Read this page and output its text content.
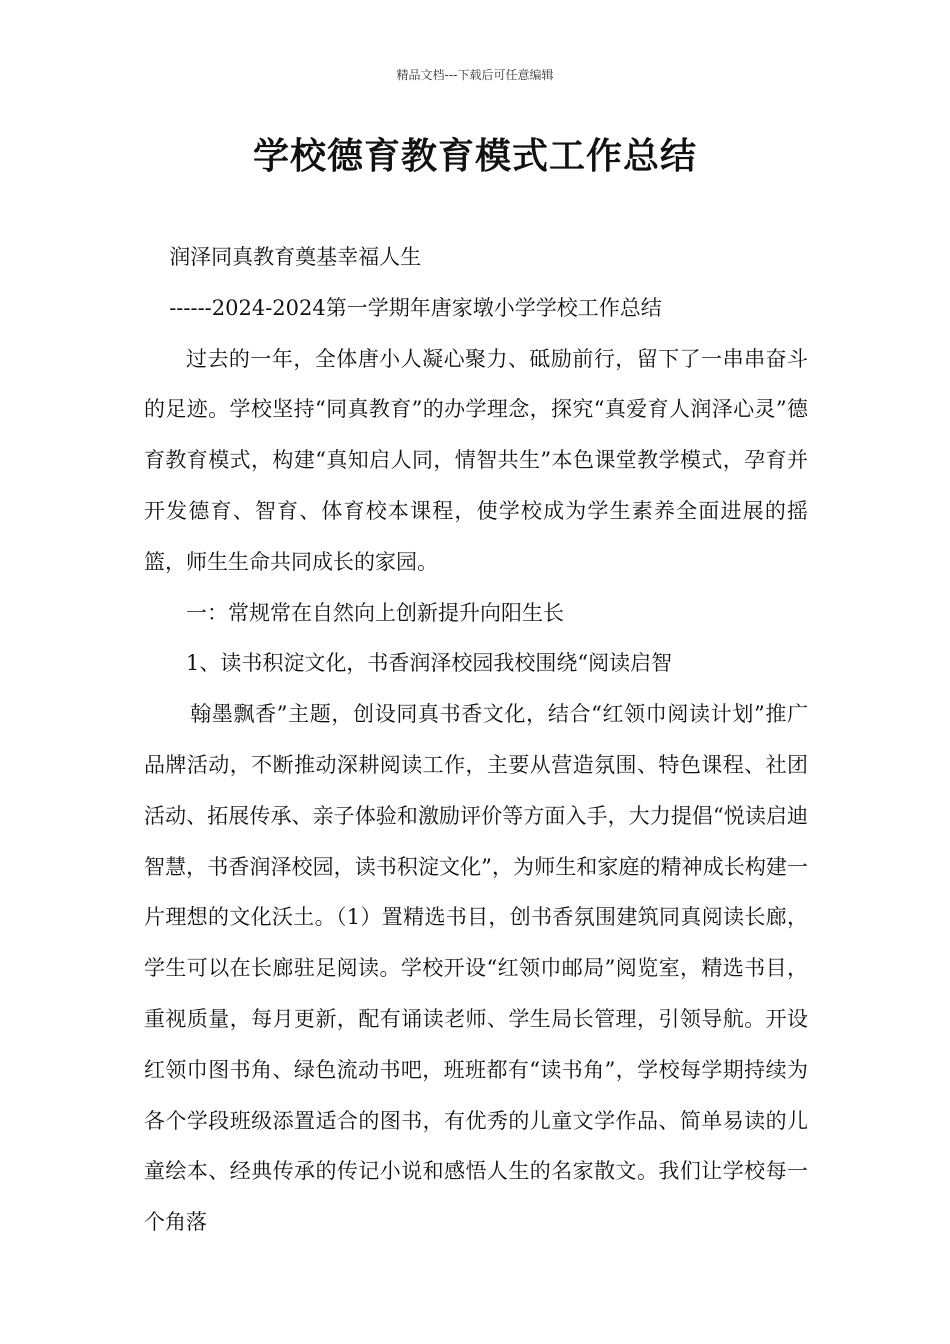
精品文档---下载后可任意编辑
学校德育教育模式工作总结

润泽同真教育奠基幸福人生

------2024-2024第一学期年唐家墩小学学校工作总结

过去的一年，全体唐小人凝心聚力、砥励前行，留下了一串串奋斗的足迹。学校坚持“同真教育”的办学理念，探究“真爱育人润泽心灵”德育教育模式，构建“真知启人同，情智共生”本色课堂教学模式，孕育并开发德育、智育、体育校本课程，使学校成为学生素养全面进展的摇篮，师生生命共同成长的家园。

一：常规常在自然向上创新提升向阳生长

1、读书积淀文化，书香润泽校园我校围绕“阅读启智

翰墨飘香”主题，创设同真书香文化，结合“红领巾阅读计划”推广品牌活动，不断推动深耕阅读工作，主要从营造氛围、特色课程、社团活动、拓展传承、亲子体验和激励评价等方面入手，大力提倡“悦读启迪智慧，书香润泽校园，读书积淀文化”，为师生和家庭的精神成长构建一片理想的文化沃土。（1）置精选书目，创书香氛围建筑同真阅读长廊，学生可以在长廊驻足阅读。学校开设“红领巾邮局”阅览室，精选书目，重视质量，每月更新，配有诵读老师、学生局长管理，引领导航。开设红领巾图书角、绿色流动书吧，班班都有“读书角”，学校每学期持续为各个学段班级添置适合的图书，有优秀的儿童文学作品、简单易读的儿童绘本、经典传承的传记小说和感悟人生的名家散文。我们让学校每一个角落
